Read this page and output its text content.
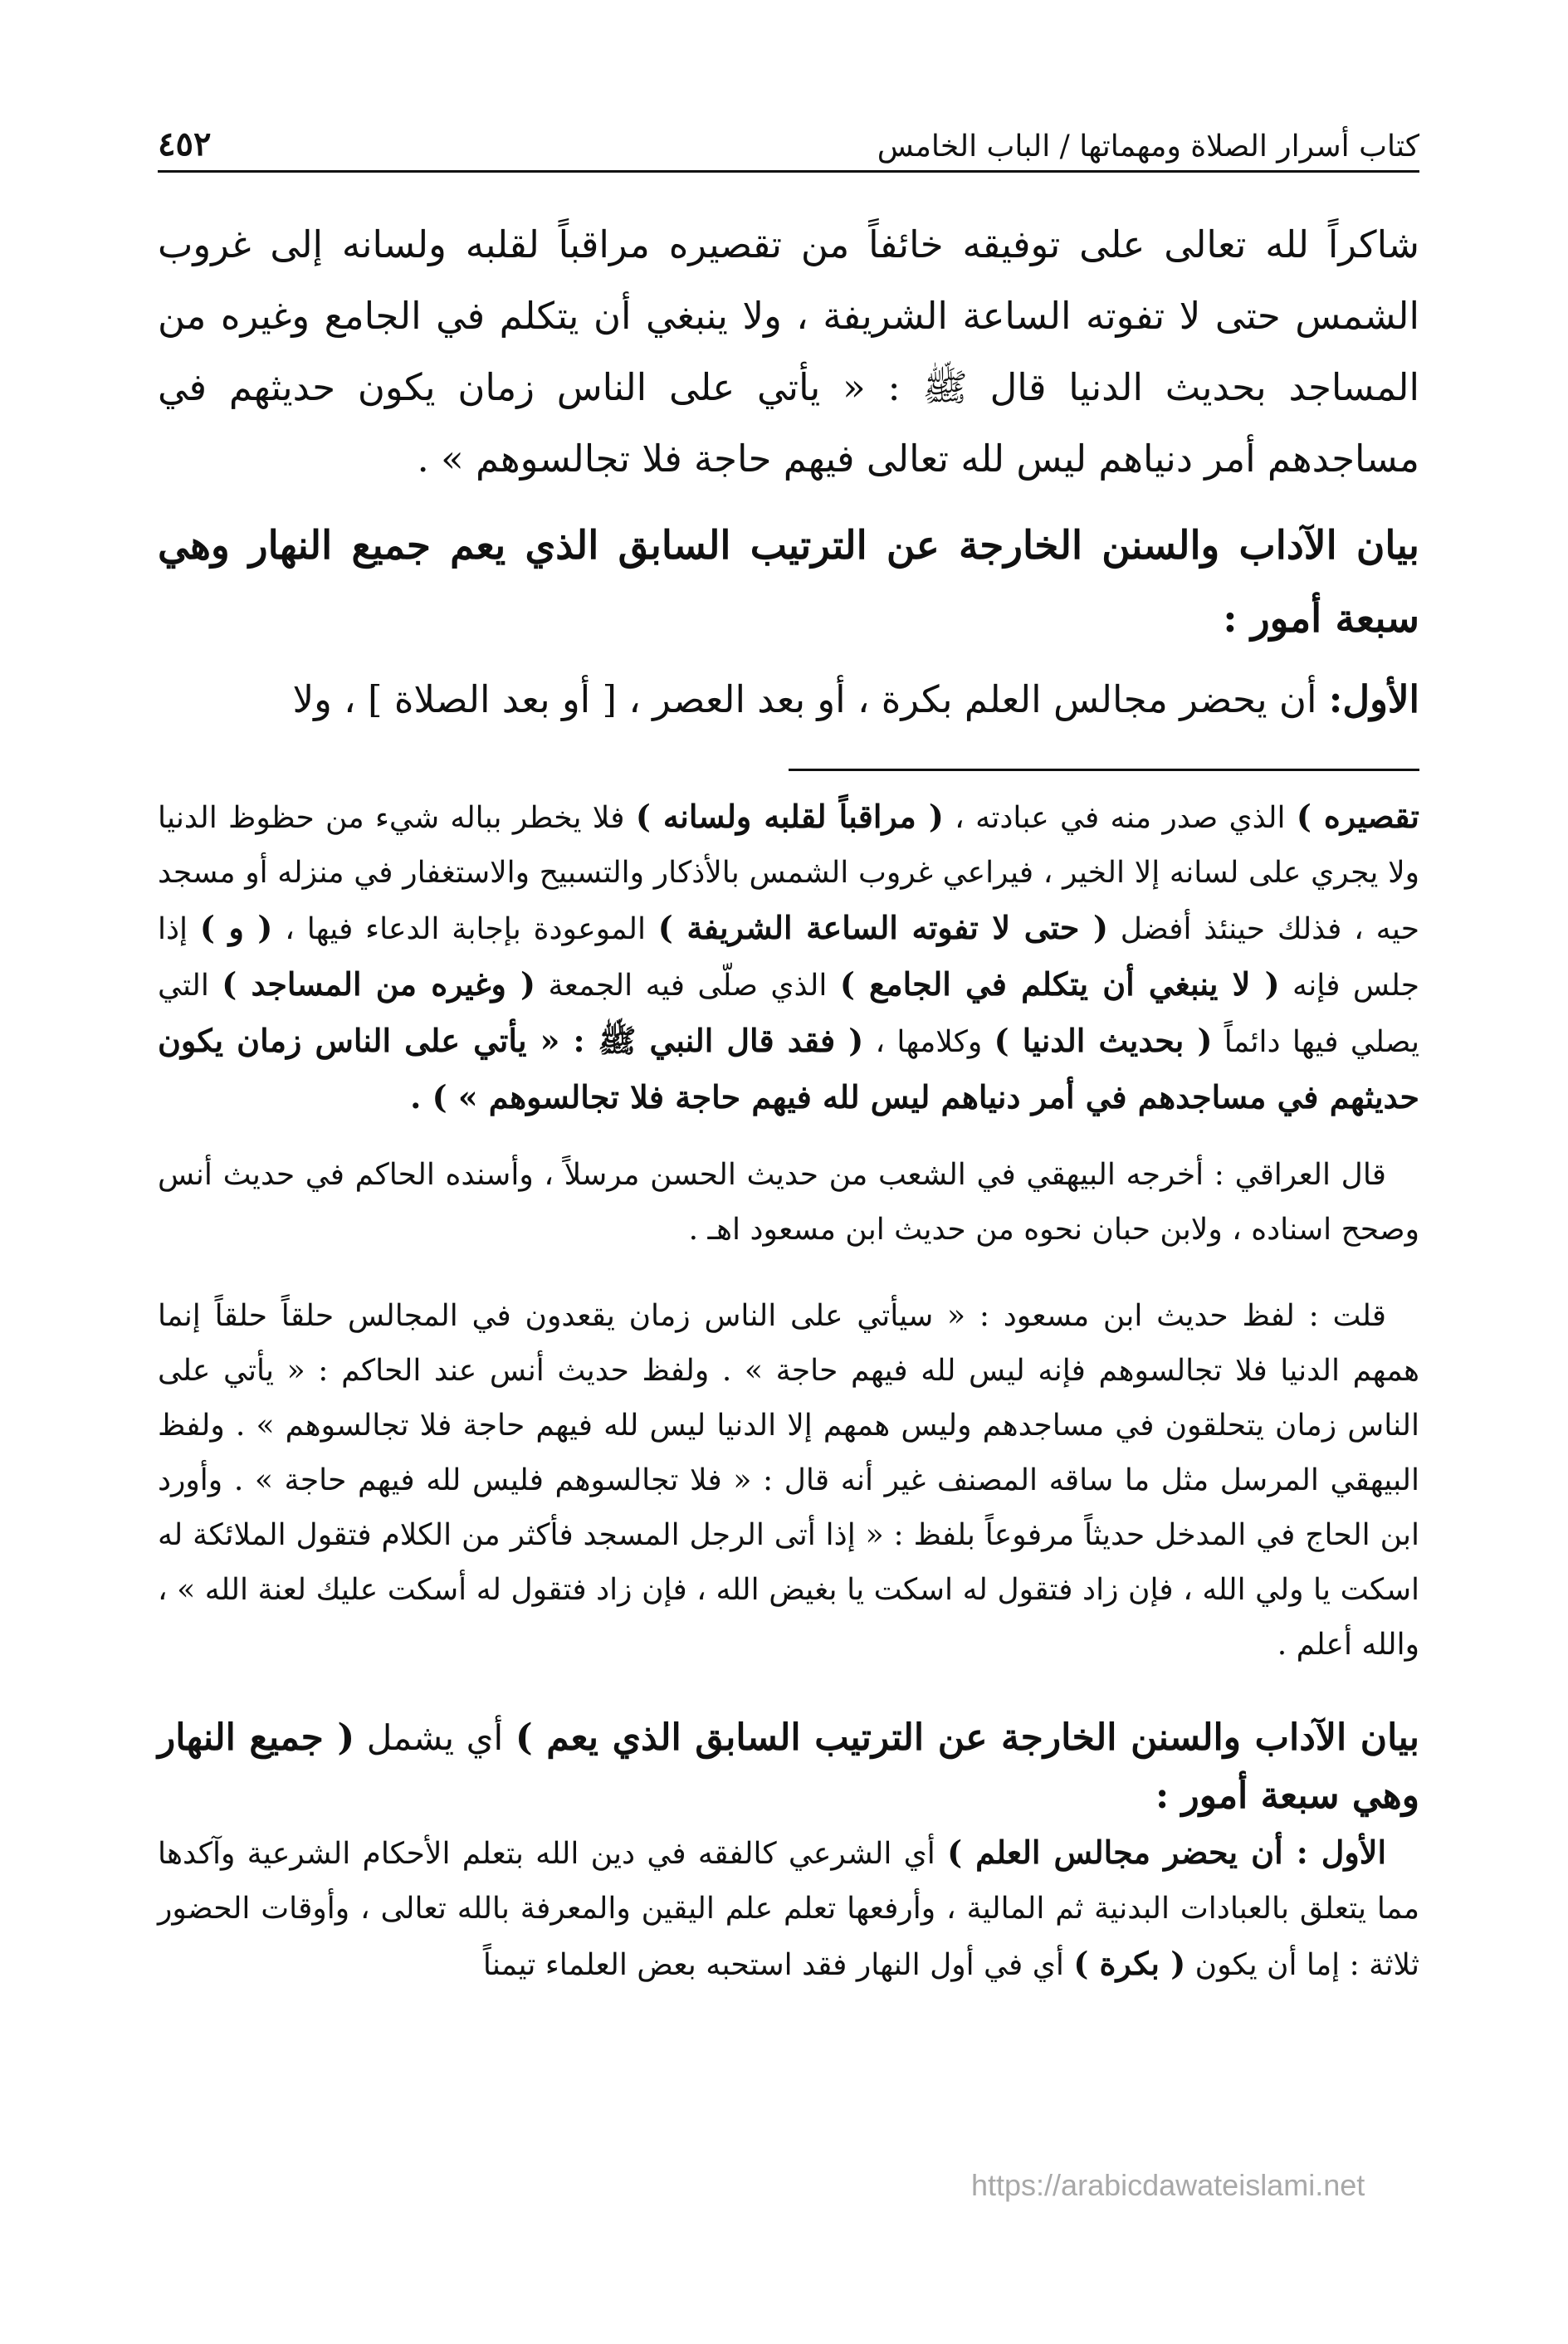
كتاب أسرار الصلاة ومهماتها / الباب الخامس
٤٥٢

شاكراً لله تعالى على توفيقه خائفاً من تقصيره مراقباً لقلبه ولسانه إلى غروب الشمس حتى لا تفوته الساعة الشريفة ، ولا ينبغي أن يتكلم في الجامع وغيره من المساجد بحديث الدنيا قال ﷺ : « يأتي على الناس زمان يكون حديثهم في مساجدهم أمر دنياهم ليس لله تعالى فيهم حاجة فلا تجالسوهم » .

بيان الآداب والسنن الخارجة عن الترتيب السابق الذي يعم جميع النهار وهي سبعة أمور :

الأول: أن يحضر مجالس العلم بكرة ، أو بعد العصر ، [ أو بعد الصلاة ] ، ولا

تقصيره ) الذي صدر منه في عبادته ، ( مراقباً لقلبه ولسانه ) فلا يخطر بباله شيء من حظوظ الدنيا ولا يجري على لسانه إلا الخير ، فيراعي غروب الشمس بالأذكار والتسبيح والاستغفار في منزله أو مسجد حيه ، فذلك حينئذ أفضل ( حتى لا تفوته الساعة الشريفة ) الموعودة بإجابة الدعاء فيها ، ( و ) إذا جلس فإنه ( لا ينبغي أن يتكلم في الجامع ) الذي صلّى فيه الجمعة ( وغيره من المساجد ) التي يصلي فيها دائماً ( بحديث الدنيا ) وكلامها ، ( فقد قال النبي ﷺ : « يأتي على الناس زمان يكون حديثهم في مساجدهم في أمر دنياهم ليس لله فيهم حاجة فلا تجالسوهم » ) .

قال العراقي : أخرجه البيهقي في الشعب من حديث الحسن مرسلاً ، وأسنده الحاكم في حديث أنس وصحح اسناده ، ولابن حبان نحوه من حديث ابن مسعود اهـ .

قلت : لفظ حديث ابن مسعود : « سيأتي على الناس زمان يقعدون في المجالس حلقاً حلقاً إنما همهم الدنيا فلا تجالسوهم فإنه ليس لله فيهم حاجة » . ولفظ حديث أنس عند الحاكم : « يأتي على الناس زمان يتحلقون في مساجدهم وليس همهم إلا الدنيا ليس لله فيهم حاجة فلا تجالسوهم » . ولفظ البيهقي المرسل مثل ما ساقه المصنف غير أنه قال : « فلا تجالسوهم فليس لله فيهم حاجة » . وأورد ابن الحاج في المدخل حديثاً مرفوعاً بلفظ : « إذا أتى الرجل المسجد فأكثر من الكلام فتقول الملائكة له اسكت يا ولي الله ، فإن زاد فتقول له اسكت يا بغيض الله ، فإن زاد فتقول له أسكت عليك لعنة الله » ، والله أعلم .

بيان الآداب والسنن الخارجة عن الترتيب السابق الذي يعم ) أي يشمل ( جميع النهار وهي سبعة أمور :

الأول : أن يحضر مجالس العلم ) أي الشرعي كالفقه في دين الله بتعلم الأحكام الشرعية وآكدها مما يتعلق بالعبادات البدنية ثم المالية ، وأرفعها تعلم علم اليقين والمعرفة بالله تعالى ، وأوقات الحضور ثلاثة : إما أن يكون ( بكرة ) أي في أول النهار فقد استحبه بعض العلماء تيمناً

https://arabicdawateislami.net
